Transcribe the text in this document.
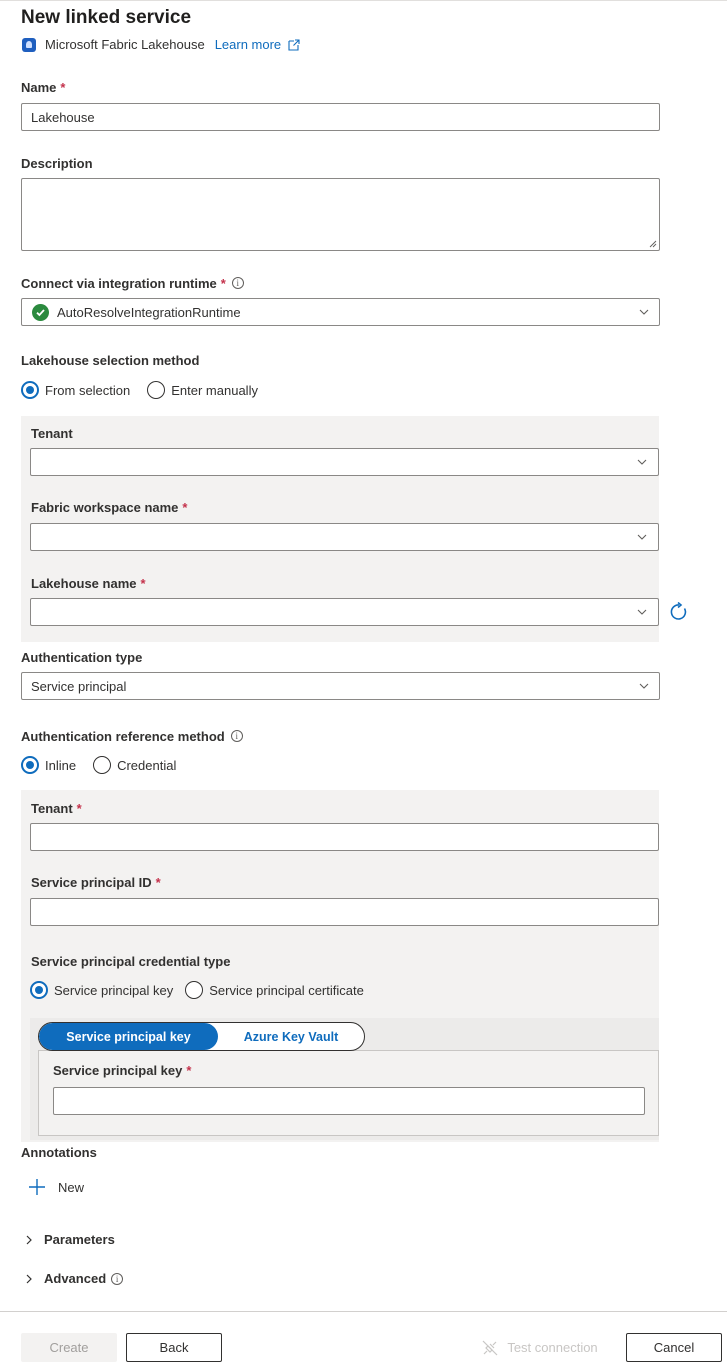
New linked service
Microsoft Fabric Lakehouse Learn more
Name *
Lakehouse
Description
Connect via integration runtime * i
AutoResolveIntegrationRuntime
Lakehouse selection method
From selection	Enter manually
Tenant
Fabric workspace name *
Lakehouse name *
Authentication type
Service principal
Authentication reference method i
Inline	Credential
Tenant *
Service principal ID *
Service principal credential type
Service principal key	Service principal certificate
Service principal key	Azure Key Vault
Service principal key *
Annotations
New
Parameters
Advanced	i
Create	Back	Test connection	Cancel
